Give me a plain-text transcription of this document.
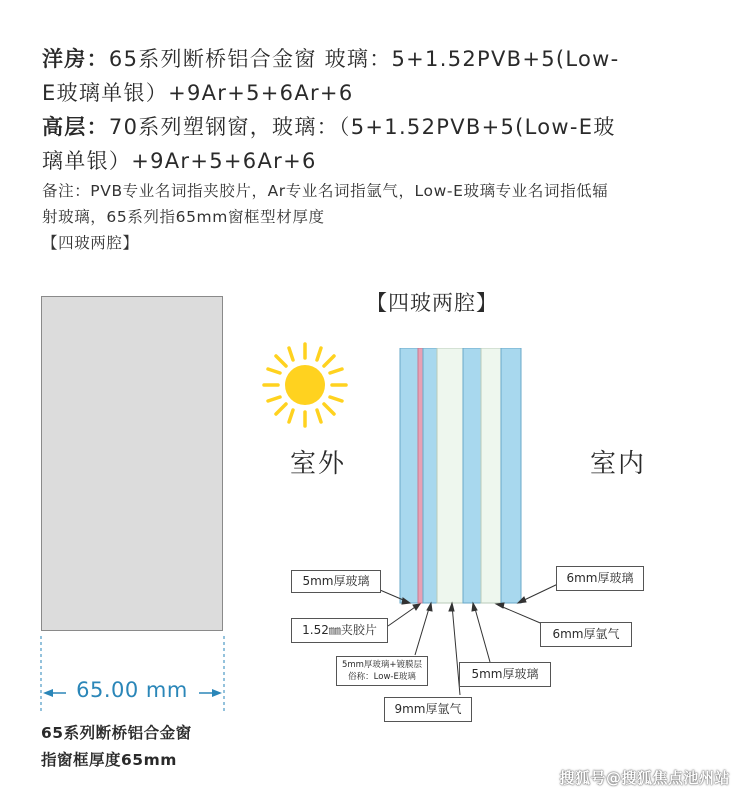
洋房：65系列断桥铝合金窗 玻璃：5+1.52PVB+5(Low-
E玻璃单银）+9Ar+5+6Ar+6
高层：70系列塑钢窗，玻璃：（5+1.52PVB+5(Low-E玻
璃单银）+9Ar+5+6Ar+6
备注：PVB专业名词指夹胶片，Ar专业名词指氩气，Low-E玻璃专业名词指低辐
射玻璃，65系列指65mm窗框型材厚度
【四玻两腔】
65.00 mm
65系列断桥铝合金窗
指窗框厚度65mm
【四玻两腔】
室外	室内
5mm厚玻璃
1.52㎜夹胶片
5mm厚玻璃+镀膜层
俗称：Low-E玻璃
9mm厚氩气
5mm厚玻璃
6mm厚玻璃
6mm厚氩气
搜狐号@搜狐焦点池州站
